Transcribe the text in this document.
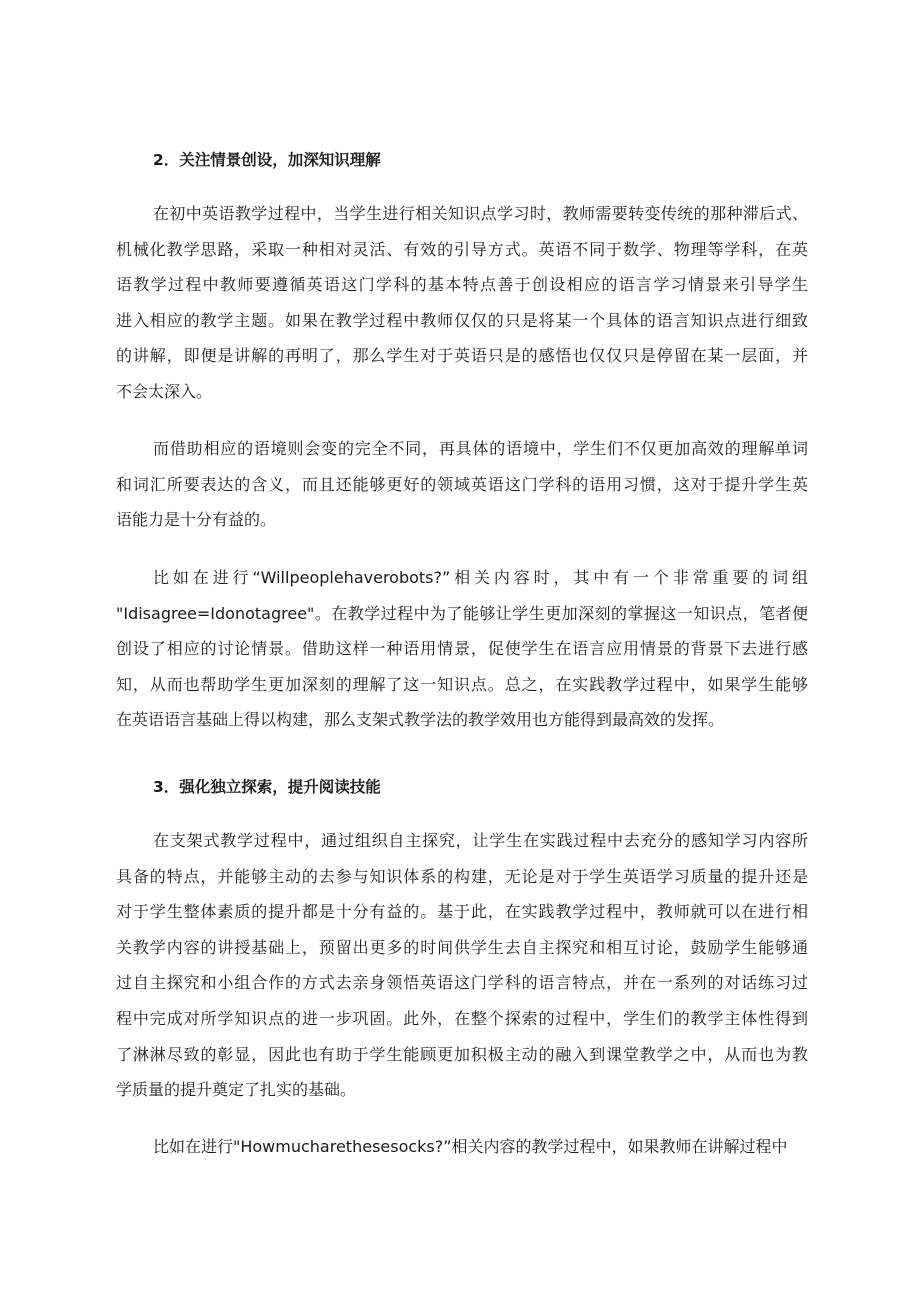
2．关注情景创设，加深知识理解
在初中英语教学过程中，当学生进行相关知识点学习时，教师需要转变传统的那种滞后式、
机械化教学思路，采取一种相对灵活、有效的引导方式。英语不同于数学、物理等学科，在英
语教学过程中教师要遵循英语这门学科的基本特点善于创设相应的语言学习情景来引导学生
进入相应的教学主题。如果在教学过程中教师仅仅的只是将某一个具体的语言知识点进行细致
的讲解，即便是讲解的再明了，那么学生对于英语只是的感悟也仅仅只是停留在某一层面，并
不会太深入。
而借助相应的语境则会变的完全不同，再具体的语境中，学生们不仅更加高效的理解单词
和词汇所要表达的含义，而且还能够更好的领域英语这门学科的语用习惯，这对于提升学生英
语能力是十分有益的。
比如在进行“Willpeoplehaverobots?”相关内容时，其中有一个非常重要的词组
"Idisagree=Idonotagree"。在教学过程中为了能够让学生更加深刻的掌握这一知识点，笔者便
创设了相应的讨论情景。借助这样一种语用情景，促使学生在语言应用情景的背景下去进行感
知，从而也帮助学生更加深刻的理解了这一知识点。总之，在实践教学过程中，如果学生能够
在英语语言基础上得以构建，那么支架式教学法的教学效用也方能得到最高效的发挥。
3．强化独立探索，提升阅读技能
在支架式教学过程中，通过组织自主探究，让学生在实践过程中去充分的感知学习内容所
具备的特点，并能够主动的去参与知识体系的构建，无论是对于学生英语学习质量的提升还是
对于学生整体素质的提升都是十分有益的。基于此，在实践教学过程中，教师就可以在进行相
关教学内容的讲授基础上，预留出更多的时间供学生去自主探究和相互讨论，鼓励学生能够通
过自主探究和小组合作的方式去亲身领悟英语这门学科的语言特点，并在一系列的对话练习过
程中完成对所学知识点的进一步巩固。此外，在整个探索的过程中，学生们的教学主体性得到
了淋淋尽致的彰显，因此也有助于学生能顾更加积极主动的融入到课堂教学之中，从而也为教
学质量的提升奠定了扎实的基础。
比如在进行"Howmucharethesesocks?”相关内容的教学过程中，如果教师在讲解过程中
